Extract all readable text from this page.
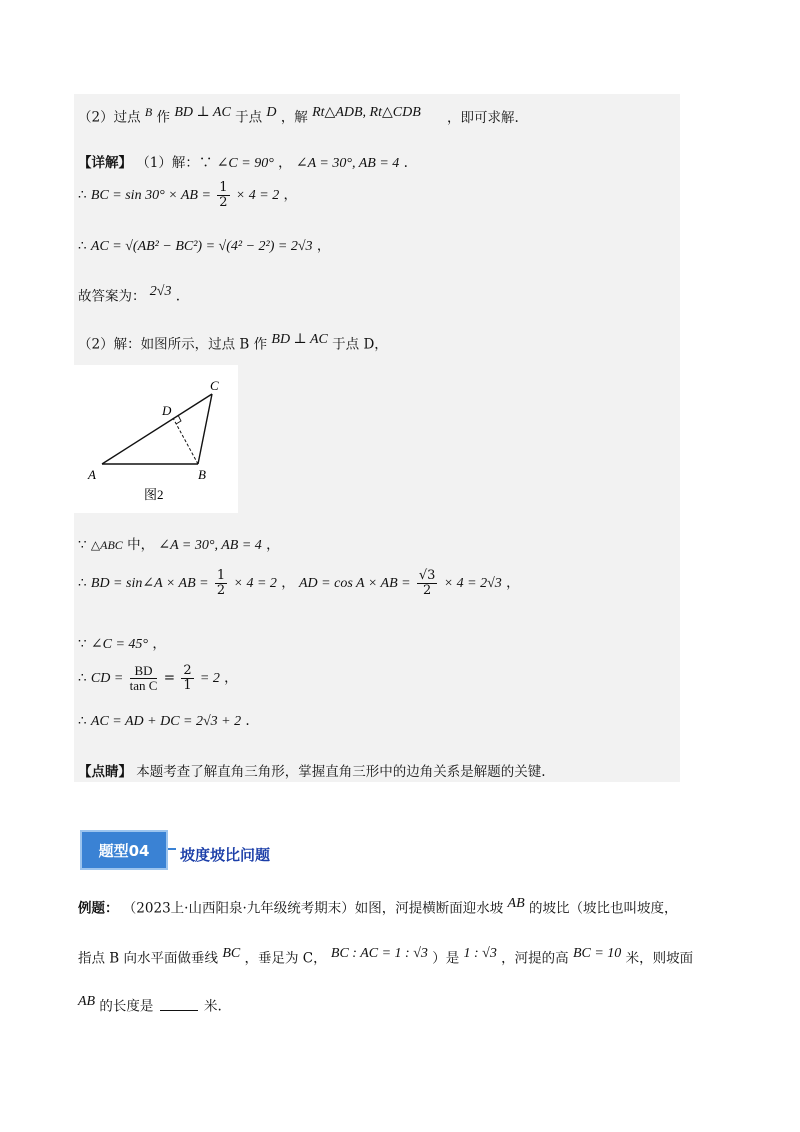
（2）过点 $^B$ 作 $^{BD \perp AC}$ 于点 $^D$ ，解 $^{Rt\triangle ADB, Rt\triangle CDB}$ ，即可求解.
【详解】 （1）解：∵ ∠C = 90° ， ∠A = 30°, AB = 4 .
∴ BC = sin 30° × AB = $\frac{1}{2} \times 4 = 2$ ，
∴ AC = √(AB² − BC²) = √(4² − 2²) = 2√3 ，
故答案为： $^{2√3}$ .
（2）解：如图所示，过点 B 作 $^{BD \perp AC}$ 于点 D，
C
D
A	B
图2
∵ △ABC 中， ∠A = 30°, AB = 4 ，
∴ BD = sin∠A × AB = $\frac{1}{2} \times 4 = 2$ ， AD = cos A × AB = $\frac{√3}{2} \times 4 = 2√3$ ，
∵ ∠C = 45° ，
∴ CD = $\frac{BD}{\text{tan C}} = \frac{2}{1} = 2$ ，
∴ AC = AD + DC = 2√3 + 2 .
【点睛】 本题考查了解直角三角形，掌握直角三形中的边角关系是解题的关键.
题型04	坡度坡比问题
例题： （2023上·山西阳泉·九年级统考期末）如图，河提横断面迎水坡 $^{AB}$ 的坡比（坡比也叫坡度，
指点 B 向水平面做垂线 $^{BC}$ ，垂足为 C， $^{BC : AC = 1 : √3}$ ）是 $^{1 : √3}$ ，河提的高 $^{BC = 10}$ 米，则坡面
$^{AB}$ 的长度是	米.
